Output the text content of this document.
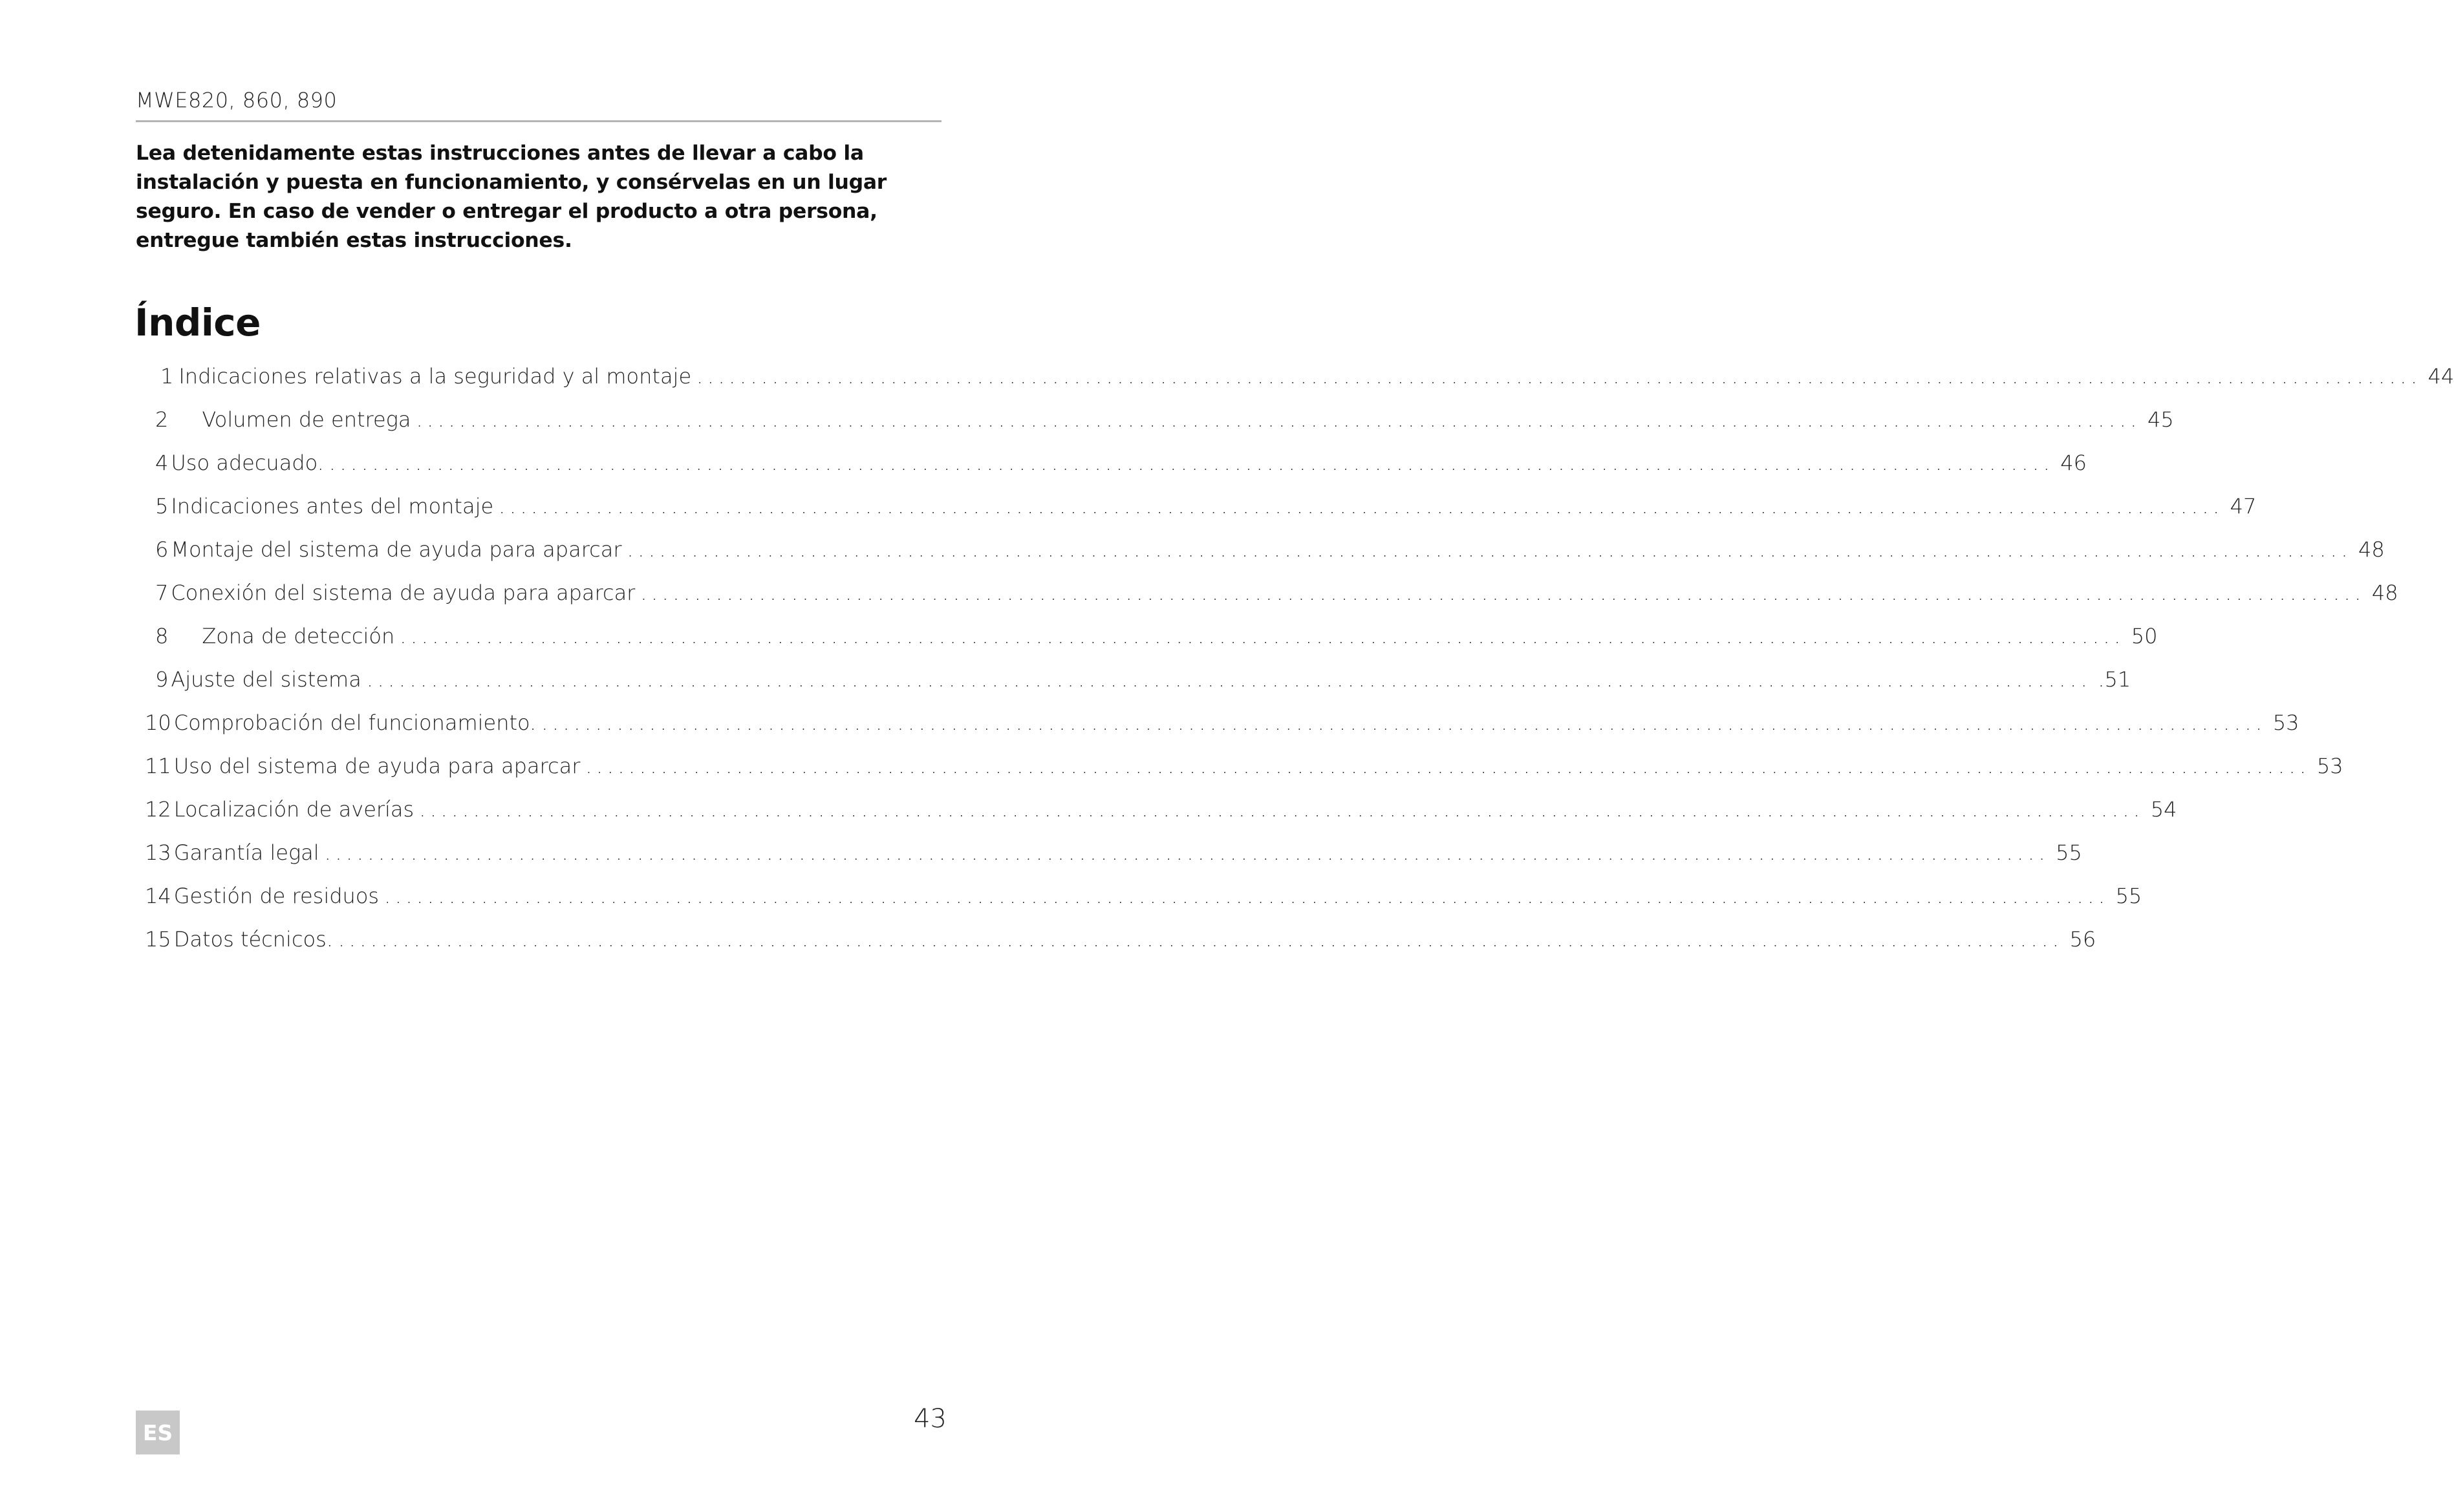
MWE820, 860, 890
Lea detenidamente estas instrucciones antes de llevar a cabo la instalación y puesta en funcionamiento, y consérvelas en un lugar seguro. En caso de vender o entregar el producto a otra persona, entregue también estas instrucciones.
Índice
1 Indicaciones relativas a la seguridad y al montaje ................................................................................................................................................................ 44
2 Volumen de entrega ................................................................................................................................................................ 45
4 Uso adecuado. ................................................................................................................................................................ 46
5 Indicaciones antes del montaje ................................................................................................................................................................ 47
6 Montaje del sistema de ayuda para aparcar ................................................................................................................................................................ 48
7 Conexión del sistema de ayuda para aparcar ................................................................................................................................................................ 48
8 Zona de detección ................................................................................................................................................................ 50
9 Ajuste del sistema ................................................................................................................................................................ .51
10 Comprobación del funcionamiento. ................................................................................................................................................................ 53
11 Uso del sistema de ayuda para aparcar ................................................................................................................................................................ 53
12 Localización de averías ................................................................................................................................................................ 54
13 Garantía legal ................................................................................................................................................................ 55
14 Gestión de residuos ................................................................................................................................................................ 55
15 Datos técnicos. ................................................................................................................................................................ 56
ES	43
